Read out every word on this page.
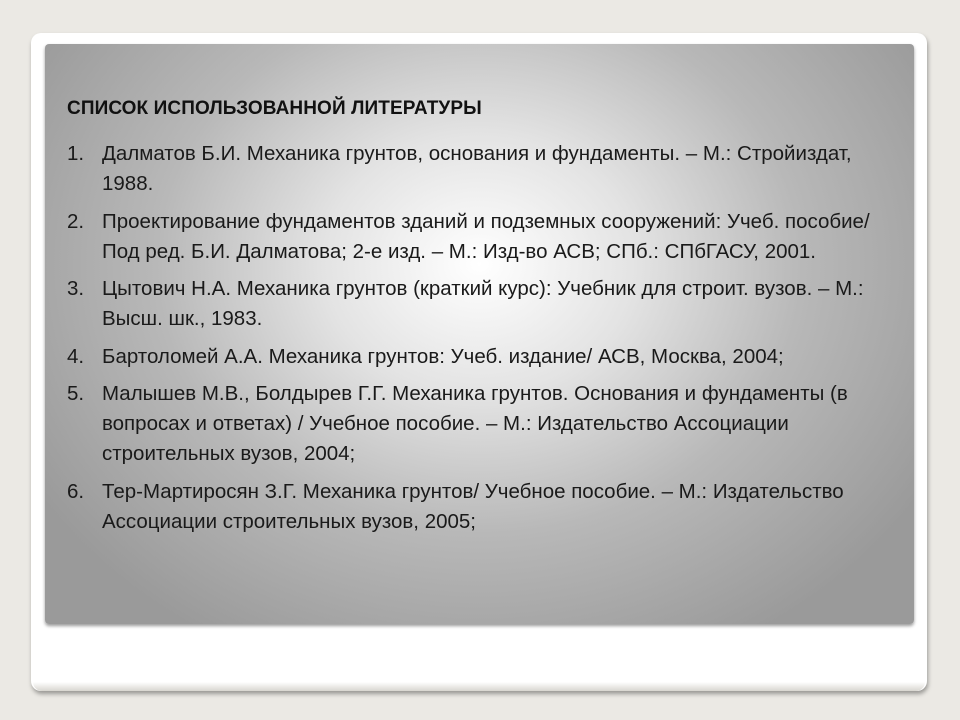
СПИСОК ИСПОЛЬЗОВАННОЙ ЛИТЕРАТУРЫ
1. Далматов Б.И. Механика грунтов, основания и фундаменты. – М.: Стройиздат, 1988.
2. Проектирование фундаментов зданий и подземных сооружений: Учеб. пособие/ Под ред. Б.И. Далматова; 2-е изд. – М.: Изд-во АСВ; СПб.: СПбГАСУ, 2001.
3. Цытович Н.А. Механика грунтов (краткий курс): Учебник для строит. вузов. – М.: Высш. шк., 1983.
4. Бартоломей А.А. Механика грунтов: Учеб. издание/ АСВ, Москва, 2004;
5. Малышев М.В., Болдырев Г.Г. Механика грунтов. Основания и фундаменты (в вопросах и ответах) / Учебное пособие. – М.: Издательство Ассоциации строительных вузов, 2004;
6. Тер-Мартиросян З.Г. Механика грунтов/ Учебное пособие. – М.: Издательство Ассоциации строительных вузов, 2005;
